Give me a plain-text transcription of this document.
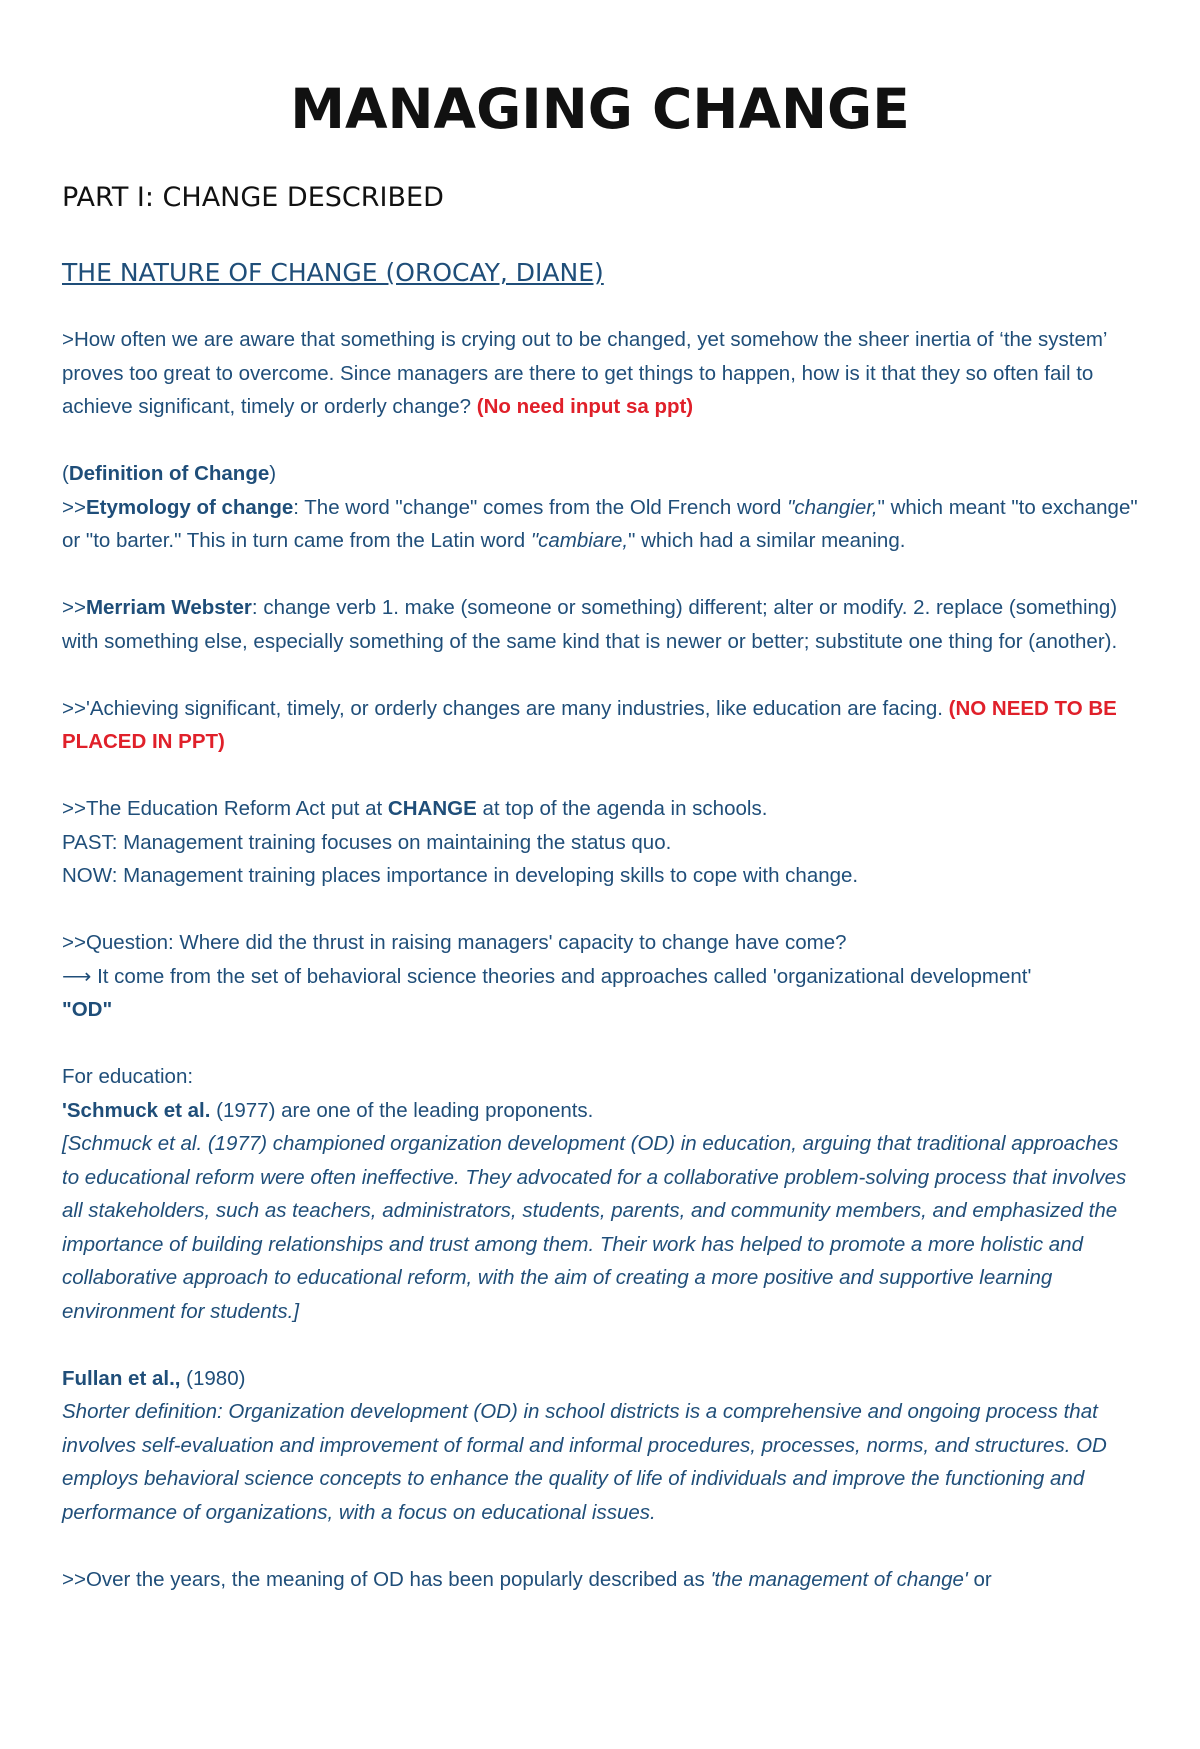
MANAGING CHANGE
PART I: CHANGE DESCRIBED
THE NATURE OF CHANGE (OROCAY, DIANE)

>How often we are aware that something is crying out to be changed, yet somehow the sheer inertia of ‘the system’ proves too great to overcome. Since managers are there to get things to happen, how is it that they so often fail to achieve significant, timely or orderly change? (No need input sa ppt)

(Definition of Change)
>>Etymology of change: The word "change" comes from the Old French word "changier," which meant "to exchange" or "to barter." This in turn came from the Latin word "cambiare," which had a similar meaning.

>>Merriam Webster: change verb 1. make (someone or something) different; alter or modify. 2. replace (something) with something else, especially something of the same kind that is newer or better; substitute one thing for (another).

>>'Achieving significant, timely, or orderly changes are many industries, like education are facing. (NO NEED TO BE PLACED IN PPT)

>>The Education Reform Act put at CHANGE at top of the agenda in schools.
PAST: Management training focuses on maintaining the status quo.
NOW: Management training places importance in developing skills to cope with change.

>>Question: Where did the thrust in raising managers' capacity to change have come?
⟶ It come from the set of behavioral science theories and approaches called 'organizational development'
"OD"

For education:
'Schmuck et al. (1977) are one of the leading proponents.
[Schmuck et al. (1977) championed organization development (OD) in education, arguing that traditional approaches to educational reform were often ineffective. They advocated for a collaborative problem-solving process that involves all stakeholders, such as teachers, administrators, students, parents, and community members, and emphasized the importance of building relationships and trust among them. Their work has helped to promote a more holistic and collaborative approach to educational reform, with the aim of creating a more positive and supportive learning environment for students.]

Fullan et al., (1980)
Shorter definition: Organization development (OD) in school districts is a comprehensive and ongoing process that involves self-evaluation and improvement of formal and informal procedures, processes, norms, and structures. OD employs behavioral science concepts to enhance the quality of life of individuals and improve the functioning and performance of organizations, with a focus on educational issues.

>>Over the years, the meaning of OD has been popularly described as 'the management of change' or
